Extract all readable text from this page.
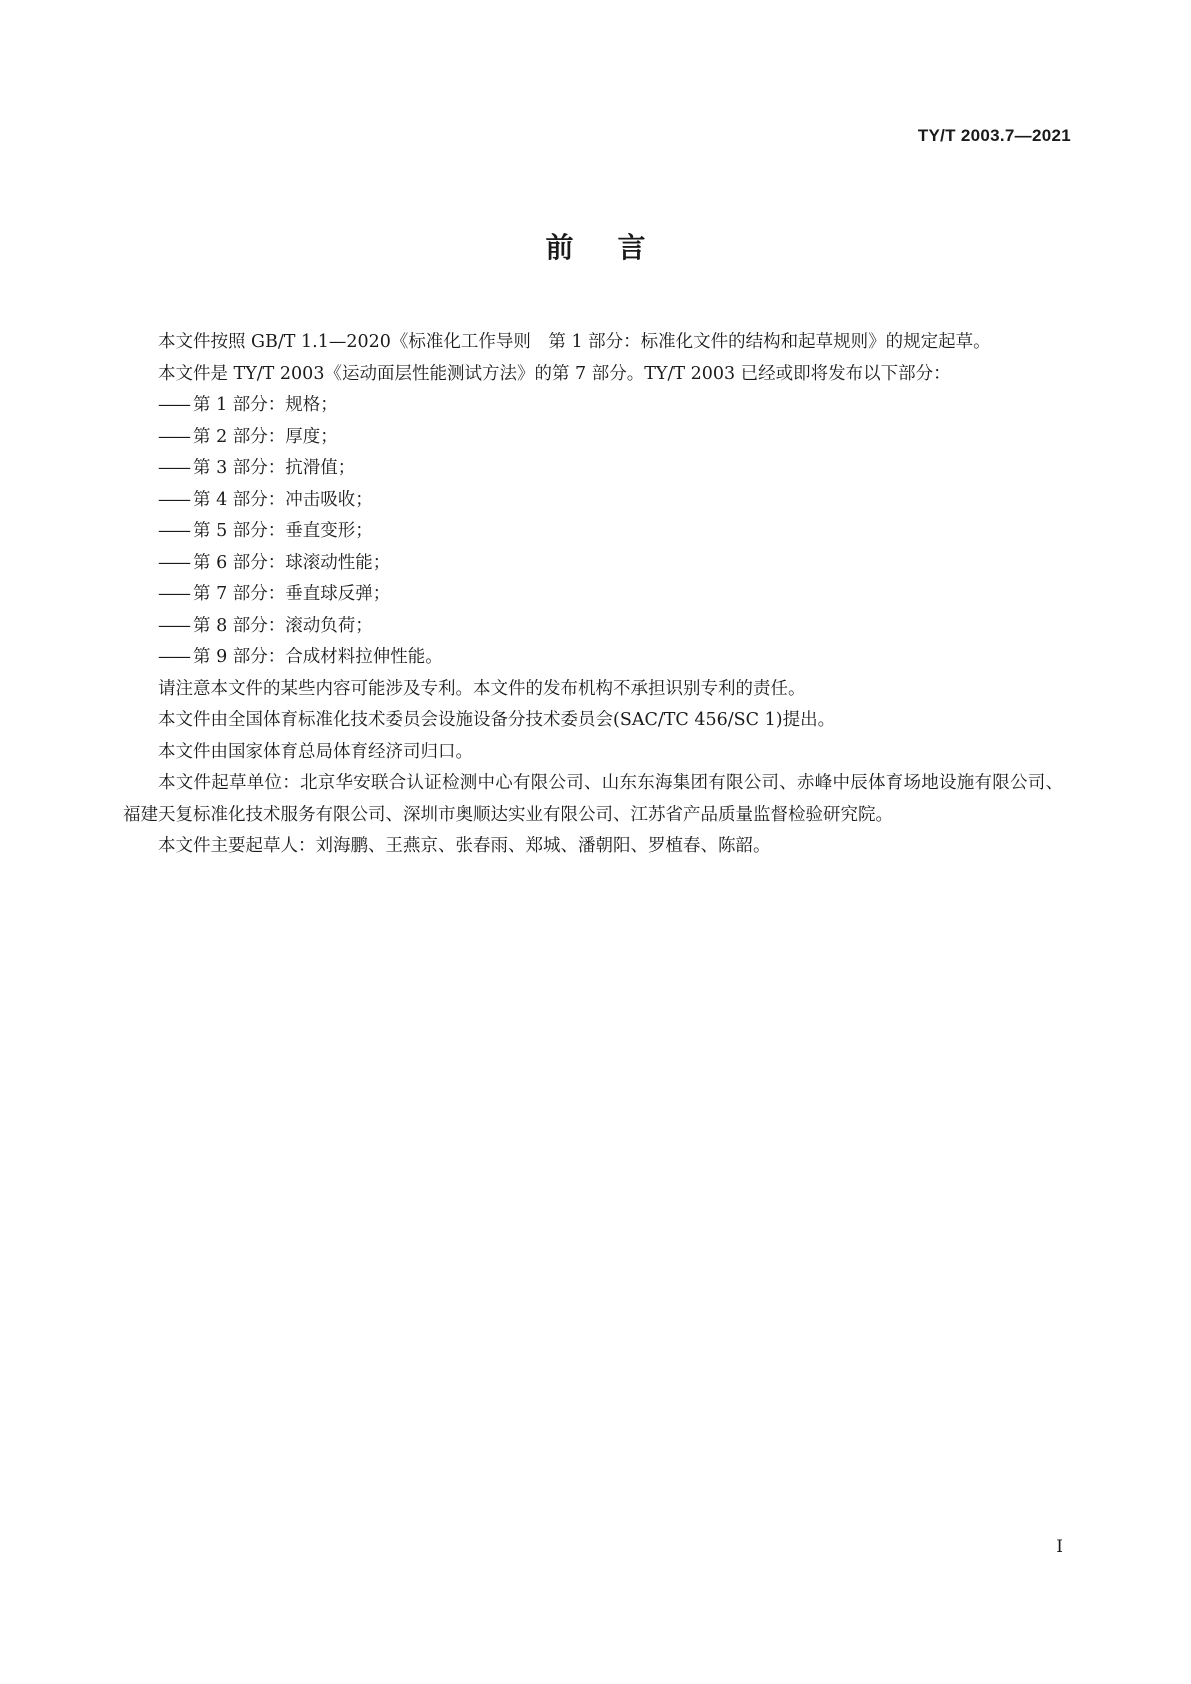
TY/T 2003.7—2021
前言

本文件按照 GB/T 1.1—2020《标准化工作导则　第 1 部分：标准化文件的结构和起草规则》的规定起草。

本文件是 TY/T 2003《运动面层性能测试方法》的第 7 部分。TY/T 2003 已经或即将发布以下部分：

—— 第 1 部分：规格；
—— 第 2 部分：厚度；
—— 第 3 部分：抗滑值；
—— 第 4 部分：冲击吸收；
—— 第 5 部分：垂直变形；
—— 第 6 部分：球滚动性能；
—— 第 7 部分：垂直球反弹；
—— 第 8 部分：滚动负荷；
—— 第 9 部分：合成材料拉伸性能。

请注意本文件的某些内容可能涉及专利。本文件的发布机构不承担识别专利的责任。

本文件由全国体育标准化技术委员会设施设备分技术委员会(SAC/TC 456/SC 1)提出。

本文件由国家体育总局体育经济司归口。

本文件起草单位：北京华安联合认证检测中心有限公司、山东东海集团有限公司、赤峰中辰体育场地设施有限公司、福建天复标准化技术服务有限公司、深圳市奥顺达实业有限公司、江苏省产品质量监督检验研究院。

本文件主要起草人：刘海鹏、王燕京、张春雨、郑城、潘朝阳、罗植春、陈韶。

I
